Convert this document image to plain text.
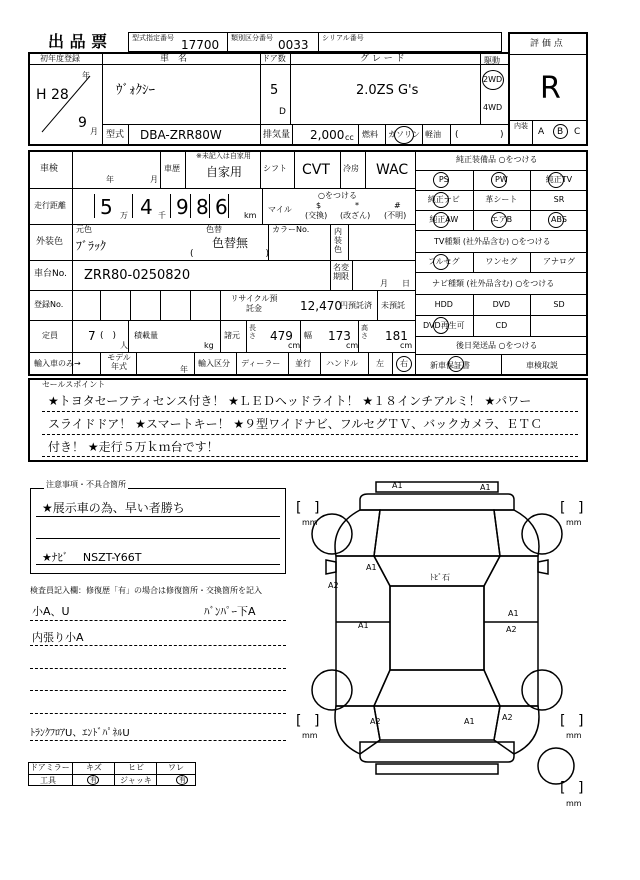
出 品 票	型式指定番号 17700 類別区分番号 0033 シリアル番号
評 価 点
R
内装
A B C
初年度登録
年
H 28
9
月
車　名
ｳﾞｫｸｼｰ
ドア数
5
D
グ レ ー ド
2.0ZS G's
駆動
2WD
4WD
型式 DBA-ZRR80W	排気量 2,000 cc 燃料 ガソリン 軽油 (	)
車検
年	月
車歴
※未記入は自家用
自家用	シフト CVT 冷房 WAC
走行距離 5 万 4 千 9 8 6 km
○をつける
マイル	$
(交換)
*
(改ざん)
#
(不明)
外装色
元色
ﾌﾞﾗｯｸ
色替
色替無
(　　　　　　　　)
カラーNo.	内装色
車台No. ZRR80-0250820
名変期限
月 日
登録No.
リサイクル預託金	12,470
円預託済 未預託
定員	7 (　)
人
積載量
kg
諸元
長さ 479
cm
幅 173
cm
高さ 181
cm
輸入車のみ→
モデル年式	年
輸入区分 ディーラー 並行 ハンドル 左 右
純正装備品 ○をつける
TV種類 (社外品含む) ○をつける
ナビ種類 (社外品含む) ○をつける
後日発送品 ○をつける
新車保証書	車検取説
セールスポイント
★トヨタセーフティセンス付き！ ★ＬＥＤヘッドライト！ ★１８インチアルミ！ ★パワー
スライドドア！ ★スマートキー！ ★９型ワイドナビ、フルセグＴＶ、バックカメラ、ＥＴＣ
付き！ ★走行５万ｋｍ台です！
注意事項・不具合箇所
★展示車の為、早い者勝ち
★ﾅﾋﾞ　 NSZT-Y66T
検査員記入欄：修復歴「有」の場合は修復箇所・交換箇所を記入
小A、U	ﾊﾞﾝﾊﾟｰ下A
内張り小A
ﾄﾗﾝｸﾌﾛｱU、ｴﾝﾄﾞﾊﾟﾈﾙU
ドアミラー キズ	ヒビ	ワレ
工具	有	ジャッキ	有
[ ]	[ ]
[ ]	[ ]
[ ]
mm	mm
mm	mm
mm
A1	A1
A1
A2
A1
A1
A2
A2	A1	A2
ﾄﾋﾞ石
PS	PW	純正TV
純正ナビ	革シート	SR
純正AW	エアB	ABS
フルセグ	ワンセグ	アナログ
HDD	DVD	SD
DVD再生可	CD
